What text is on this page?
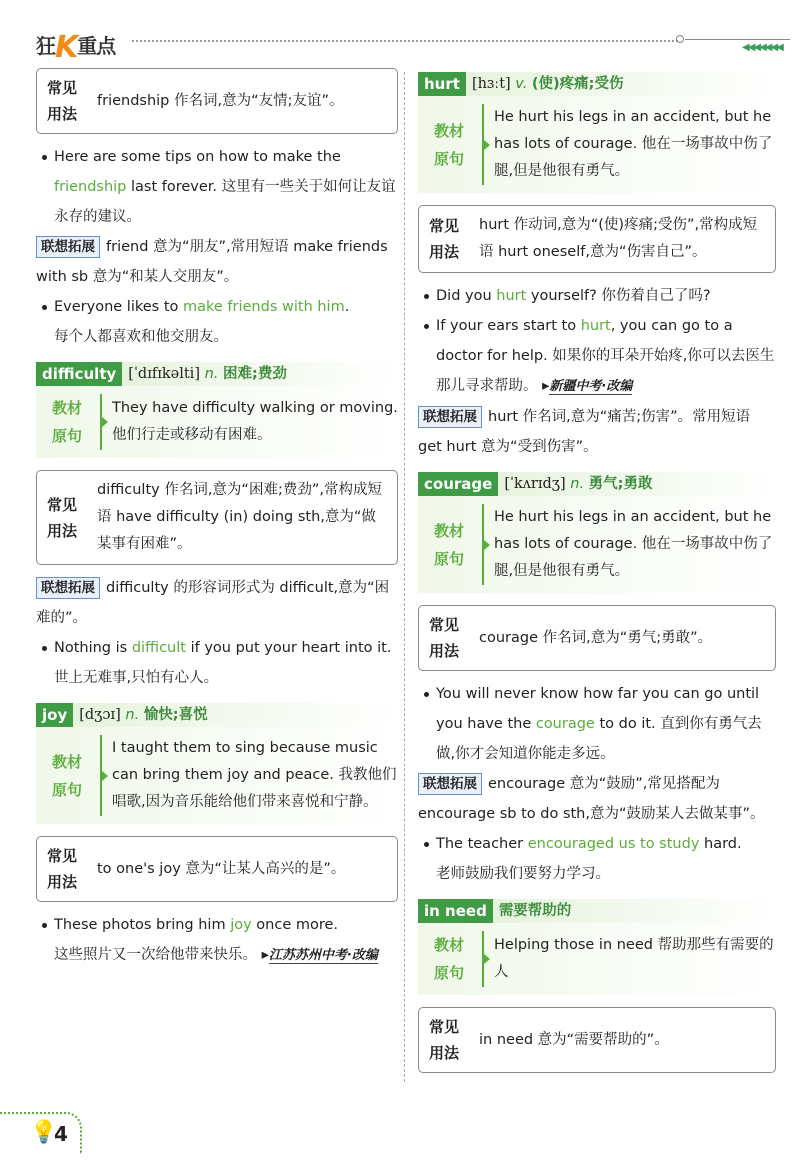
狂K重点	◀◀◀◀◀◀◀
常见
用法
friendship 作名词,意为“友情;友谊”。

Here are some tips on how to make the friendship last forever. 这里有一些关于如何让友谊永存的建议。

联想拓展 friend 意为“朋友”,常用短语 make friends with sb 意为“和某人交朋友”。

Everyone likes to make friends with him.

每个人都喜欢和他交朋友。

difficulty [ˈdɪfɪkəlti] n. 困难;费劲
教材
原句
They have difficulty walking or moving. 他们行走或移动有困难。
常见
用法
difficulty 作名词,意为“困难;费劲”,常构成短语 have difficulty (in) doing sth,意为“做某事有困难”。

联想拓展 difficulty 的形容词形式为 difficult,意为“困难的”。

Nothing is difficult if you put your heart into it.

世上无难事,只怕有心人。

joy [dʒɔɪ] n. 愉快;喜悦
教材
原句
I taught them to sing because music can bring them joy and peace. 我教他们唱歌,因为音乐能给他们带来喜悦和宁静。
常见
用法
to one's joy 意为“让某人高兴的是”。

These photos bring him joy once more.

这些照片又一次给他带来快乐。 ▸江苏苏州中考·改编

hurt [hɜːt] v. (使)疼痛;受伤
教材
原句
He hurt his legs in an accident, but he has lots of courage. 他在一场事故中伤了腿,但是他很有勇气。
常见
用法
hurt 作动词,意为“(使)疼痛;受伤”,常构成短语 hurt oneself,意为“伤害自己”。

Did you hurt yourself? 你伤着自己了吗?

If your ears start to hurt, you can go to a doctor for help. 如果你的耳朵开始疼,你可以去医生那儿寻求帮助。 ▸新疆中考·改编

联想拓展 hurt 作名词,意为“痛苦;伤害”。常用短语 get hurt 意为“受到伤害”。

courage [ˈkʌrɪdʒ] n. 勇气;勇敢
教材
原句
He hurt his legs in an accident, but he has lots of courage. 他在一场事故中伤了腿,但是他很有勇气。
常见
用法
courage 作名词,意为“勇气;勇敢”。

You will never know how far you can go until you have the courage to do it. 直到你有勇气去做,你才会知道你能走多远。

联想拓展 encourage 意为“鼓励”,常见搭配为 encourage sb to do sth,意为“鼓励某人去做某事”。

The teacher encouraged us to study hard.

老师鼓励我们要努力学习。

in need 需要帮助的
教材
原句
Helping those in need 帮助那些有需要的人
常见
用法
in need 意为“需要帮助的”。
💡
4
